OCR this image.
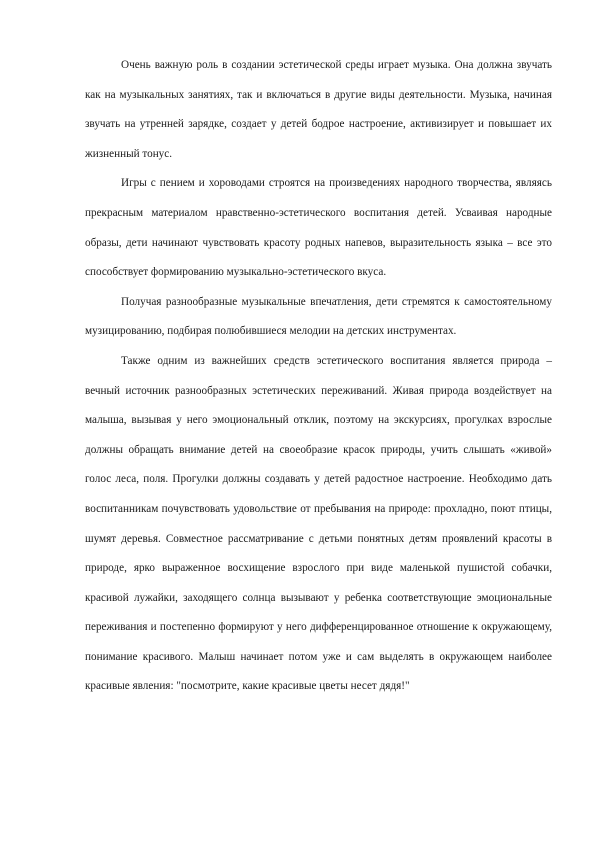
Очень важную роль в создании эстетической среды играет музыка. Она должна звучать как на музыкальных занятиях, так и включаться в другие виды деятельности. Музыка, начиная звучать на утренней зарядке, создает у детей бодрое настроение, активизирует и повышает их жизненный тонус.

Игры с пением и хороводами строятся на произведениях народного творчества, являясь прекрасным материалом нравственно-эстетического воспитания детей. Усваивая народные образы, дети начинают чувствовать красоту родных напевов, выразительность языка – все это способствует формированию музыкально-эстетического вкуса.

Получая разнообразные музыкальные впечатления, дети стремятся к самостоятельному музицированию, подбирая полюбившиеся мелодии на детских инструментах.

Также одним из важнейших средств эстетического воспитания является природа – вечный источник разнообразных эстетических переживаний. Живая природа воздействует на малыша, вызывая у него эмоциональный отклик, поэтому на экскурсиях, прогулках взрослые должны обращать внимание детей на своеобразие красок природы, учить слышать «живой» голос леса, поля. Прогулки должны создавать у детей радостное настроение. Необходимо дать воспитанникам почувствовать удовольствие от пребывания на природе: прохладно, поют птицы, шумят деревья. Совместное рассматривание с детьми понятных детям проявлений красоты в природе, ярко выраженное восхищение взрослого при виде маленькой пушистой собачки, красивой лужайки, заходящего солнца вызывают у ребенка соответствующие эмоциональные переживания и постепенно формируют у него дифференцированное отношение к окружающему, понимание красивого. Малыш начинает потом уже и сам выделять в окружающем наиболее красивые явления: "посмотрите, какие красивые цветы несет дядя!"
